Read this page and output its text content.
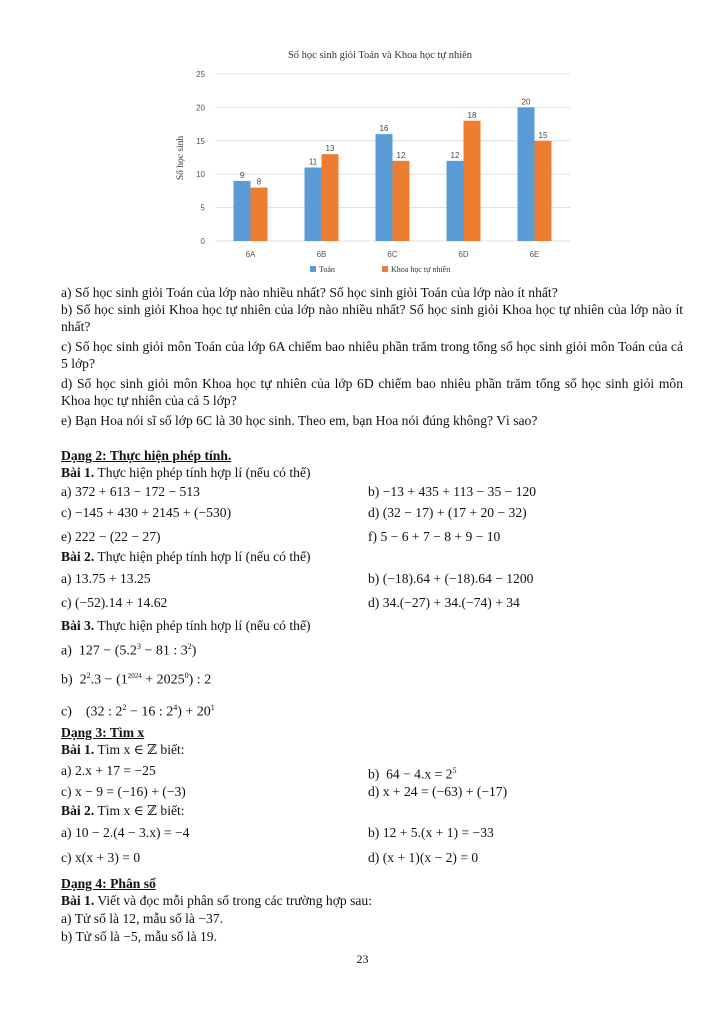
Số học sinh giỏi Toán và Khoa học tự nhiên
Số học sinh
0
5
10
15
20
25
9
8
11
13
16
12	12
18
20
15
6A	6B	6C	6D	6E
Toán	Khoa học tự nhiên
a) Số học sinh giỏi Toán của lớp nào nhiều nhất? Số học sinh giỏi Toán của lớp nào ít nhất?
b) Số học sinh giỏi Khoa học tự nhiên của lớp nào nhiều nhất? Số học sinh giỏi Khoa học tự nhiên của lớp nào ít nhất?
c) Số học sinh giỏi môn Toán của lớp 6A chiếm bao nhiêu phần trăm trong tổng số học sinh giỏi môn Toán của cả 5 lớp?
d) Số học sinh giỏi môn Khoa học tự nhiên của lớp 6D chiếm bao nhiêu phần trăm tổng số học sinh giỏi môn Khoa học tự nhiên của cả 5 lớp?
e) Bạn Hoa nói sĩ số lớp 6C là 30 học sinh. Theo em, bạn Hoa nói đúng không? Vì sao?
Dạng 2: Thực hiện phép tính.
Bài 1. Thực hiện phép tính hợp lí (nếu có thể)
a) 372 + 613 − 172 − 513	b) −13 + 435 + 113 − 35 − 120
c) −145 + 430 + 2145 + (−530)	d) (32 − 17) + (17 + 20 − 32)
e) 222 − (22 − 27)	f) 5 − 6 + 7 − 8 + 9 − 10
Bài 2. Thực hiện phép tính hợp lí (nếu có thể)
a) 13.75 + 13.25	b) (−18).64 + (−18).64 − 1200
c) (−52).14 + 14.62	d) 34.(−27) + 34.(−74) + 34
Bài 3. Thực hiện phép tính hợp lí (nếu có thể)
a)  $127 - (5.2^3 - 81$ : $3^2$)
b)  $2^2.3 - (1^{2024} + 2025^0)$ : 2
c)    (32 : $2^2 - 16$ : $2^4) + 20^1$
Dạng 3: Tìm x
Bài 1. Tìm x ∈ ℤ biết:
a) 2.x + 17 = −25	b)  $64 - 4.x = 2^5$
c) x − 9 = (−16) + (−3)	d) x + 24 = (−63) + (−17)
Bài 2. Tìm x ∈ ℤ biết:
a) 10 − 2.(4 − 3.x) = −4	b) 12 + 5.(x + 1) = −33
c) x(x + 3) = 0	d) (x + 1)(x − 2) = 0
Dạng 4: Phân số
Bài 1. Viết và đọc mỗi phân số trong các trường hợp sau:
a) Tử số là 12, mẫu số là −37.
b) Tử số là −5, mẫu số là 19.
23
